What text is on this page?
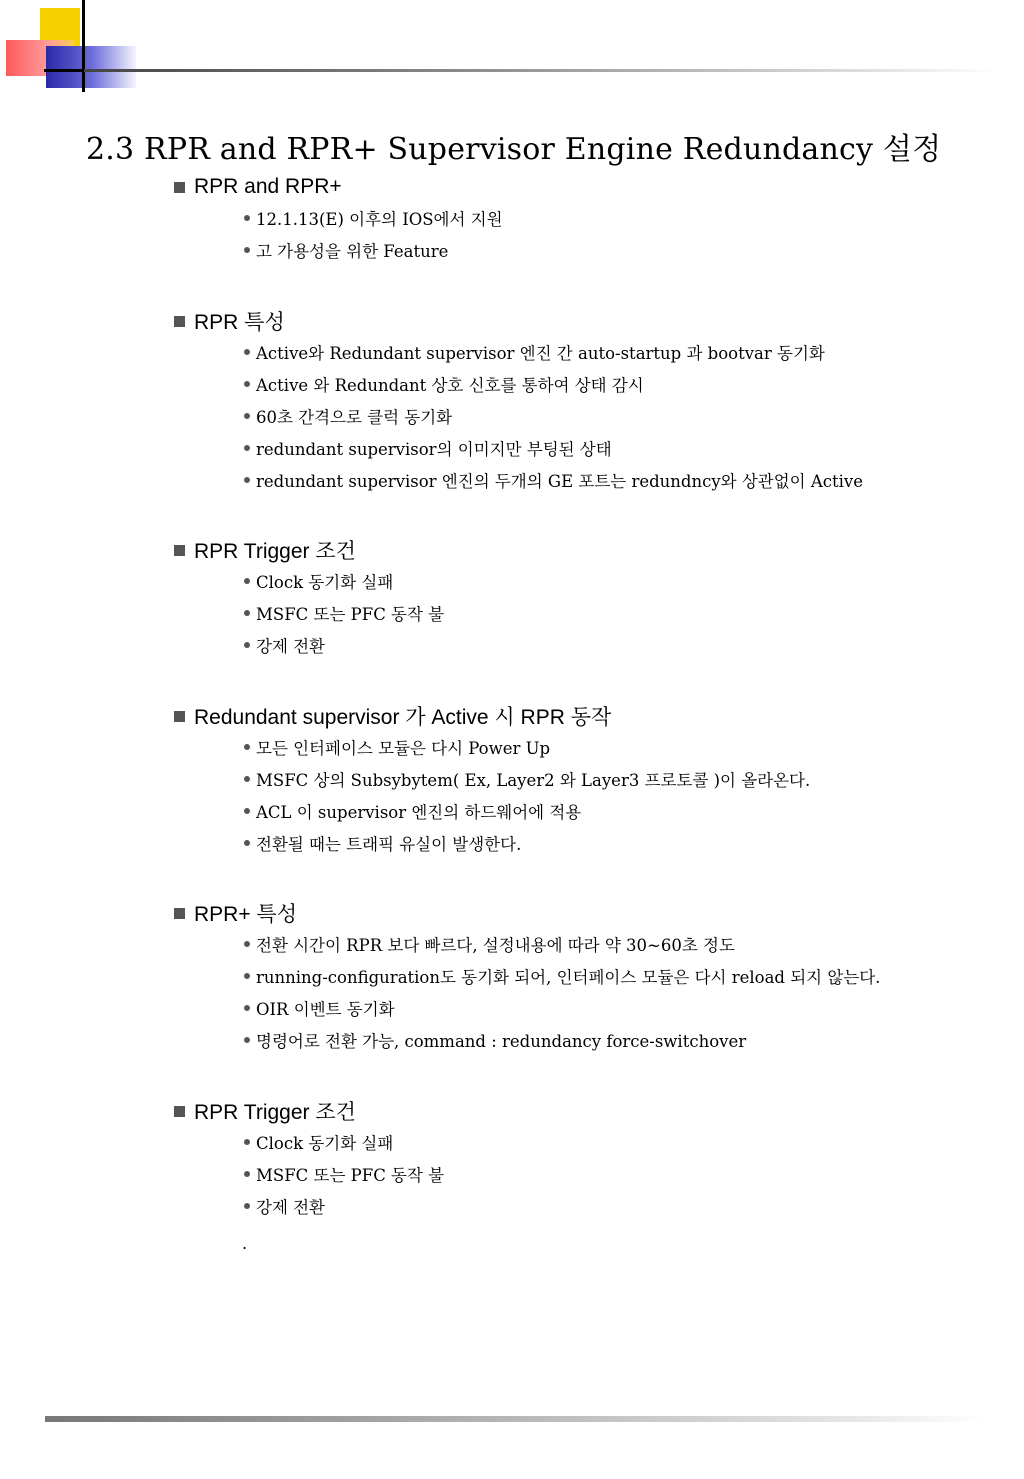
2.3 RPR and RPR+ Supervisor Engine Redundancy 설정
RPR and RPR+
12.1.13(E) 이후의 IOS에서 지원
고 가용성을 위한 Feature
RPR 특성
Active와 Redundant supervisor 엔진 간 auto-startup 과 bootvar 동기화
Active 와 Redundant 상호 신호를 통하여 상태 감시
60초 간격으로 클럭 동기화
redundant supervisor의 이미지만 부팅된 상태
redundant supervisor 엔진의 두개의 GE 포트는 redundncy와 상관없이 Active
RPR Trigger 조건
Clock 동기화 실패
MSFC 또는 PFC 동작 불
강제 전환
Redundant supervisor 가 Active 시 RPR 동작
모든 인터페이스 모듈은 다시 Power Up
MSFC 상의 Subsybytem( Ex, Layer2 와 Layer3 프로토콜 )이 올라온다.
ACL 이 supervisor 엔진의 하드웨어에 적용
전환될 때는 트래픽 유실이 발생한다.
RPR+ 특성
전환 시간이 RPR 보다 빠르다, 설정내용에 따라 약 30~60초 정도
running-configuration도 동기화 되어, 인터페이스 모듈은 다시 reload 되지 않는다.
OIR 이벤트 동기화
명령어로 전환 가능, command : redundancy force-switchover
RPR Trigger 조건
Clock 동기화 실패
MSFC 또는 PFC 동작 불
강제 전환
.
